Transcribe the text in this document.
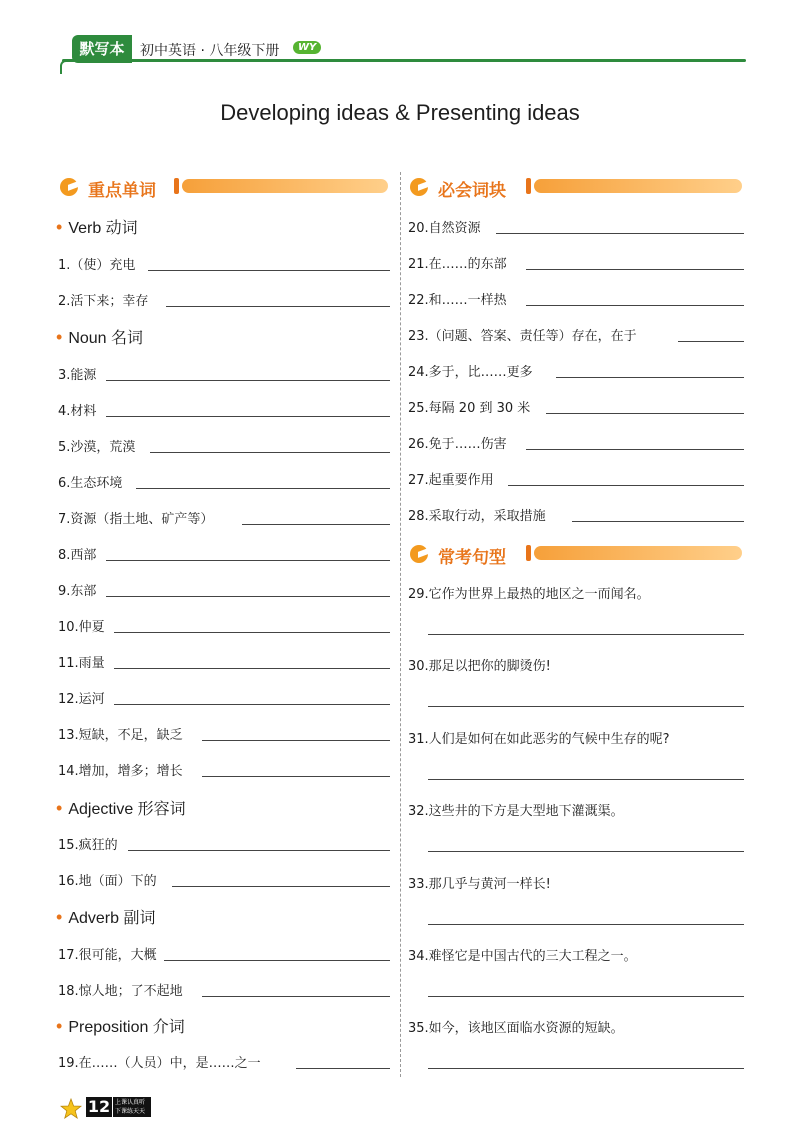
默写本	初中英语 · 八年级下册	WY
Developing ideas & Presenting ideas
重点单词	必会词块
常考句型
• Verb 动词
• Noun 名词
• Adjective 形容词
• Adverb 副词
• Preposition 介词
1.（使）充电
2.活下来；幸存
3.能源
4.材料
5.沙漠，荒漠
6.生态环境
7.资源（指土地、矿产等）
8.西部
9.东部
10.仲夏
11.雨量
12.运河
13.短缺，不足，缺乏
14.增加，增多；增长
15.疯狂的
16.地（面）下的
17.很可能，大概
18.惊人地；了不起地
19.在……（人员）中，是……之一
20.自然资源
21.在……的东部
22.和……一样热
23.（问题、答案、责任等）存在，在于
24.多于，比……更多
25.每隔 20 到 30 米
26.免于……伤害
27.起重要作用
28.采取行动，采取措施
29.它作为世界上最热的地区之一而闻名。
30.那足以把你的脚烫伤!
31.人们是如何在如此恶劣的气候中生存的呢?
32.这些井的下方是大型地下灌溉渠。
33.那几乎与黄河一样长!
34.难怪它是中国古代的三大工程之一。
35.如今，该地区面临水资源的短缺。
12 上课认真听 下课练天天
